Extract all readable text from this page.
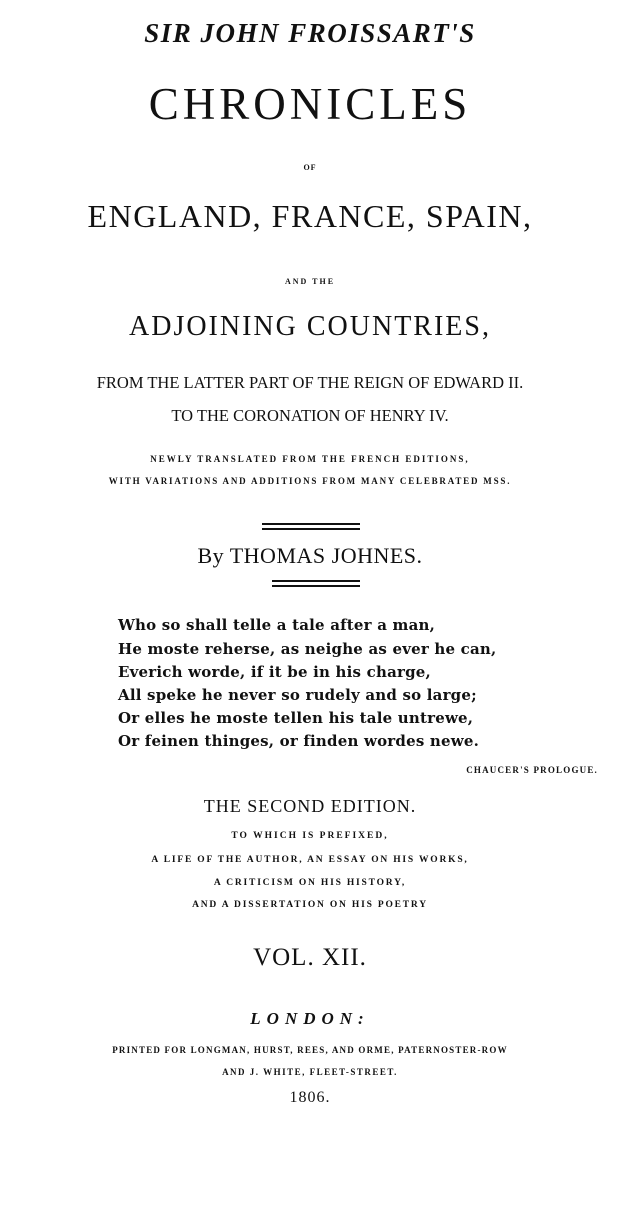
SIR JOHN FROISSART'S
CHRONICLES
OF
ENGLAND, FRANCE, SPAIN,
AND THE
ADJOINING COUNTRIES,
FROM THE LATTER PART OF THE REIGN OF EDWARD II.
TO THE CORONATION OF HENRY IV.
NEWLY TRANSLATED FROM THE FRENCH EDITIONS,
WITH VARIATIONS AND ADDITIONS FROM MANY CELEBRATED MSS.
By THOMAS JOHNES.
Who so shall telle a tale after a man,
He moste reherse, as neighe as ever he can,
Everich worde, if it be in his charge,
All speke he never so rudely and so large;
Or elles he moste tellen his tale untrewe,
Or feinen thinges, or finden wordes newe.
CHAUCER'S PROLOGUE.
THE SECOND EDITION.
TO WHICH IS PREFIXED,
A LIFE OF THE AUTHOR, AN ESSAY ON HIS WORKS,
A CRITICISM ON HIS HISTORY,
AND A DISSERTATION ON HIS POETRY
VOL. XII.
LONDON:
PRINTED FOR LONGMAN, HURST, REES, AND ORME, PATERNOSTER-ROW
AND J. WHITE, FLEET-STREET.
1806.
